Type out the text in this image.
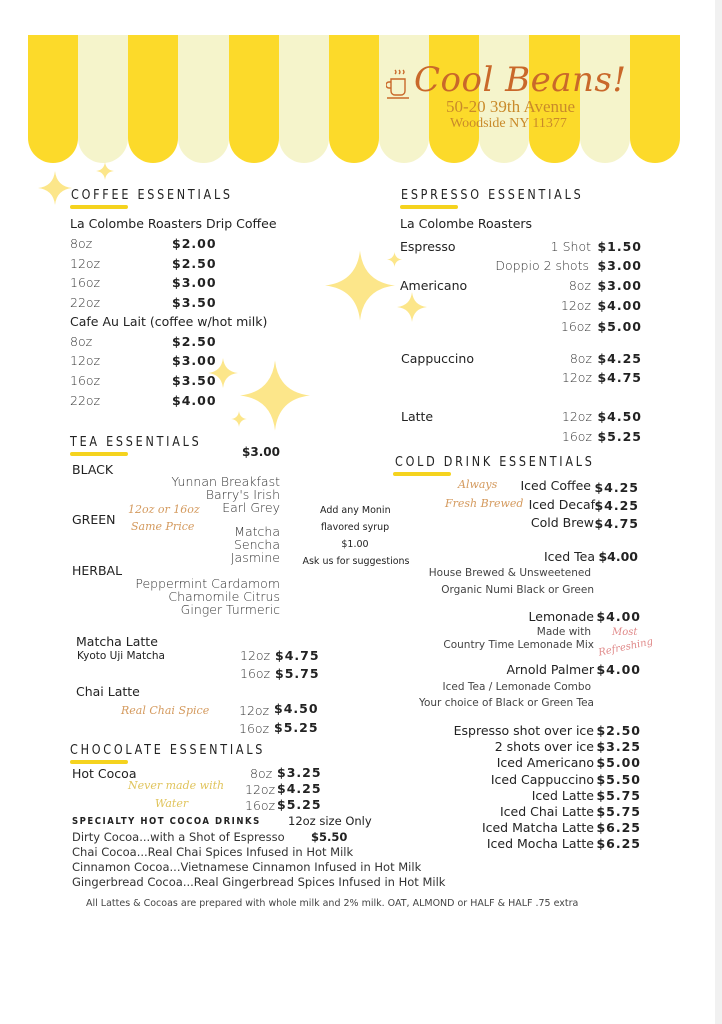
Cool Beans!
50-20 39th Avenue
Woodside NY 11377
COFFEE ESSENTIALS
La Colombe Roasters Drip Coffee
8oz	$2.00
12oz	$2.50
16oz	$3.00
22oz	$3.50
Cafe Au Lait (coffee w/hot milk)
8oz	$2.50
12oz	$3.00
16oz	$3.50
22oz	$4.00
ESPRESSO ESSENTIALS
La Colombe Roasters
Espresso	1 Shot $1.50
Doppio 2 shots $3.00
Americano	8oz $3.00
12oz $4.00
16oz $5.00
Cappuccino	8oz $4.25
12oz $4.75
Latte	12oz $4.50
16oz $5.25
TEA ESSENTIALS
$3.00
BLACK
Yunnan Breakfast
Barry's Irish
Earl Grey
GREEN
12oz or 16oz
Same Price	Matcha
Sencha
Jasmine
HERBAL
Peppermint Cardamom
Chamomile Citrus
Ginger Turmeric
Add any Monin
flavored syrup
$1.00
Ask us for suggestions
Matcha Latte
Kyoto Uji Matcha	12oz $4.75
16oz $5.75
Chai Latte
Real Chai Spice 12oz $4.50
16oz $5.25
CHOCOLATE ESSENTIALS
Hot Cocoa
Never made with
Water
8oz $3.25
12oz $4.25
16oz $5.25
SPECIALTY HOT COCOA DRINKS 12oz size Only
Dirty Cocoa...with a Shot of Espresso $5.50
Chai Cocoa...Real Chai Spices Infused in Hot Milk
Cinnamon Cocoa...Vietnamese Cinnamon Infused in Hot Milk
Gingerbread Cocoa...Real Gingerbread Spices Infused in Hot Milk
COLD DRINK ESSENTIALS
Always
Fresh Brewed
Iced Coffee $4.25
Iced Decaf $4.25
Cold Brew $4.75
Iced Tea $4.00
House Brewed & Unsweetened
Organic Numi Black or Green
Lemonade $4.00
Made with
Country Time Lemonade Mix
Most
Refreshing
Arnold Palmer $4.00
Iced Tea / Lemonade Combo
Your choice of Black or Green Tea
Espresso shot over ice $2.50
2 shots over ice $3.25
Iced Americano $5.00
Iced Cappuccino $5.50
Iced Latte $5.75
Iced Chai Latte $5.75
Iced Matcha Latte $6.25
Iced Mocha Latte $6.25
All Lattes & Cocoas are prepared with whole milk and 2% milk. OAT, ALMOND or HALF & HALF .75 extra
